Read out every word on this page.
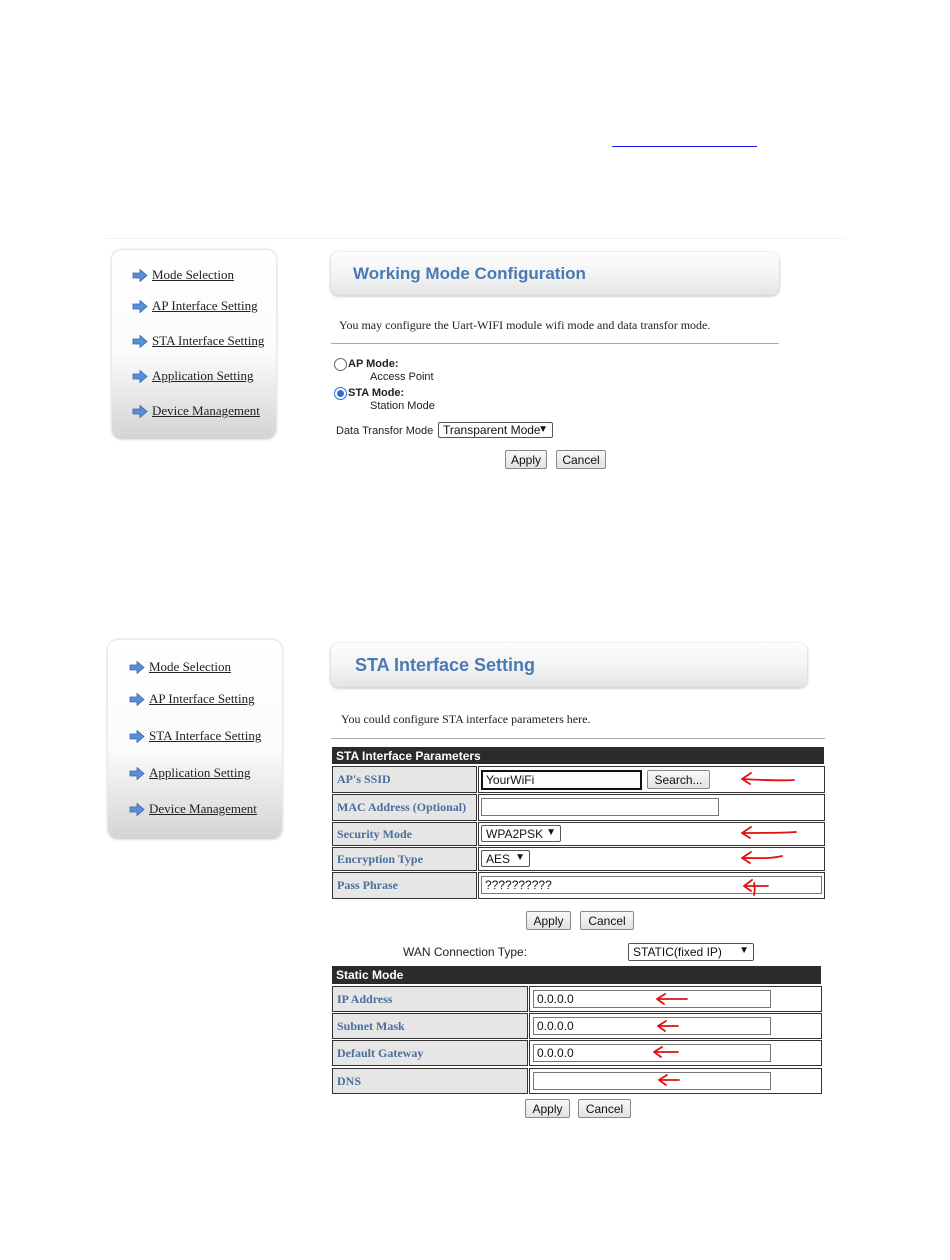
Mode Selection
AP Interface Setting
STA Interface Setting
Application Setting
Device Management
Working Mode Configuration
You may configure the Uart-WIFI module wifi mode and data transfor mode.
AP Mode:
Access Point
STA Mode:
Station Mode
Data Transfor Mode Transparent Mode
▼
Apply	Cancel
Mode Selection
AP Interface Setting
STA Interface Setting
Application Setting
Device Management
STA Interface Setting
You could configure STA interface parameters here.
STA Interface Parameters
AP's SSID	YourWiFi	Search...
MAC Address (Optional)
Security Mode	WPA2PSK ▼
Encryption Type	AES ▼
Pass Phrase	??????????
Apply	Cancel
WAN Connection Type:	STATIC(fixed IP) ▼
Static Mode
IP Address	0.0.0.0
Subnet Mask	0.0.0.0
Default Gateway	0.0.0.0
DNS
Apply	Cancel
